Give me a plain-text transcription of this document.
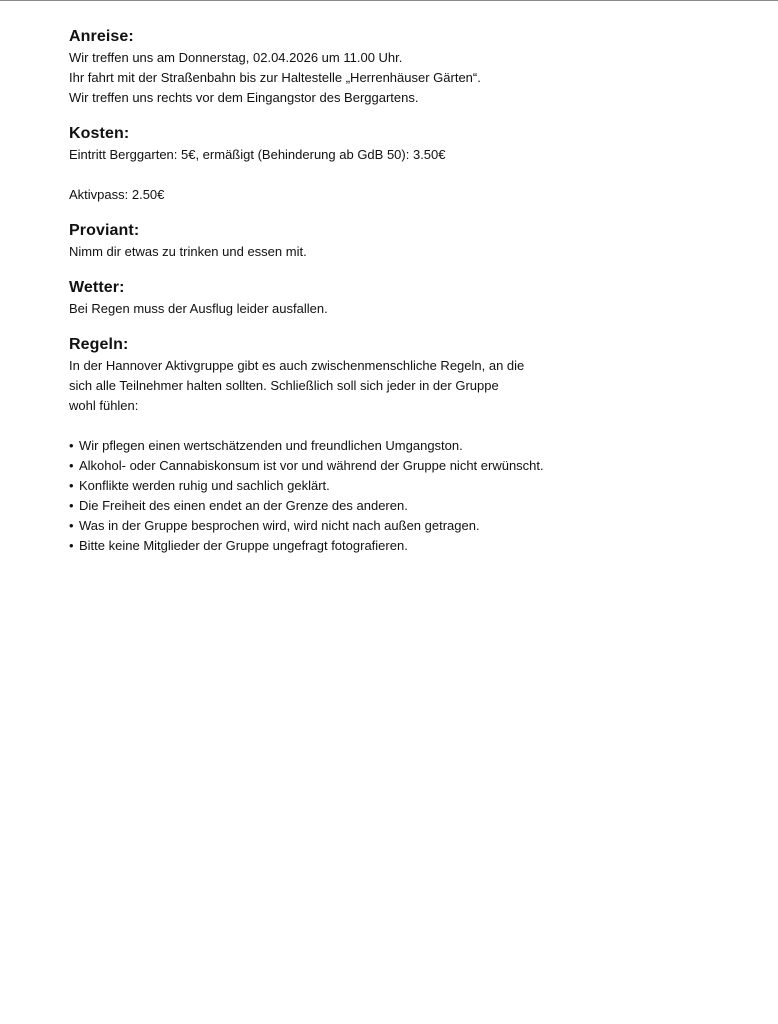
Anreise:

Wir treffen uns am Donnerstag, 02.04.2026 um 11.00 Uhr.

Ihr fahrt mit der Straßenbahn bis zur Haltestelle „Herrenhäuser Gärten“.

Wir treffen uns rechts vor dem Eingangstor des Berggartens.

Kosten:

Eintritt Berggarten: 5€, ermäßigt (Behinderung ab GdB 50): 3.50€

Aktivpass: 2.50€

Proviant:

Nimm dir etwas zu trinken und essen mit.

Wetter:

Bei Regen muss der Ausflug leider ausfallen.

Regeln:

In der Hannover Aktivgruppe gibt es auch zwischenmenschliche Regeln, an die

sich alle Teilnehmer halten sollten. Schließlich soll sich jeder in der Gruppe

wohl fühlen:

• Wir pflegen einen wertschätzenden und freundlichen Umgangston.
• Alkohol- oder Cannabiskonsum ist vor und während der Gruppe nicht erwünscht.
• Konflikte werden ruhig und sachlich geklärt.
• Die Freiheit des einen endet an der Grenze des anderen.
• Was in der Gruppe besprochen wird, wird nicht nach außen getragen.
• Bitte keine Mitglieder der Gruppe ungefragt fotografieren.
